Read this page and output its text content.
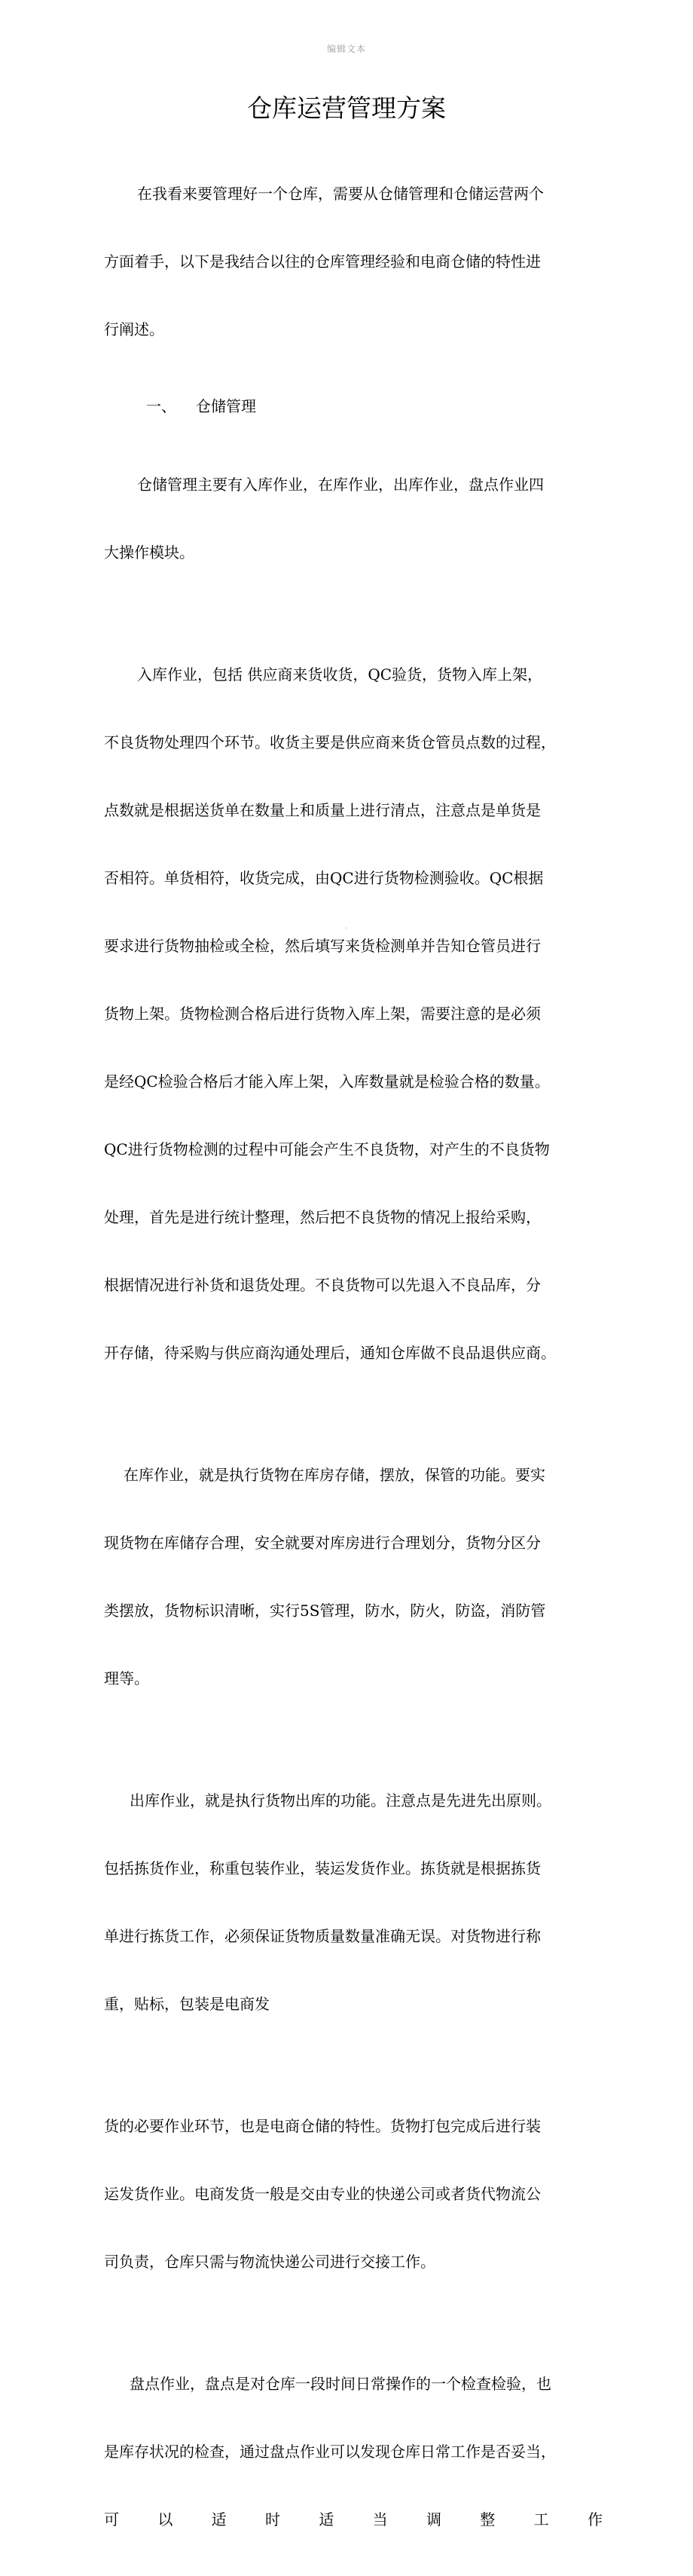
编辑文本
仓库运营管理方案

在我看来要管理好一个仓库，需要从仓储管理和仓储运营两个

方面着手，以下是我结合以往的仓库管理经验和电商仓储的特性进

行阐述。

一、 仓储管理

仓储管理主要有入库作业，在库作业，出库作业，盘点作业四

大操作模块。

入库作业，包括 供应商来货收货，QC验货，货物入库上架，

不良货物处理四个环节。收货主要是供应商来货仓管员点数的过程，

点数就是根据送货单在数量上和质量上进行清点，注意点是单货是

否相符。单货相符，收货完成，由QC进行货物检测验收。QC根据

要求进行货物抽检或全检，然后填写来货检测单并告知仓管员进行

货物上架。货物检测合格后进行货物入库上架，需要注意的是必须

是经QC检验合格后才能入库上架，入库数量就是检验合格的数量。

QC进行货物检测的过程中可能会产生不良货物，对产生的不良货物

处理，首先是进行统计整理，然后把不良货物的情况上报给采购，

根据情况进行补货和退货处理。不良货物可以先退入不良品库，分

开存储，待采购与供应商沟通处理后，通知仓库做不良品退供应商。

在库作业，就是执行货物在库房存储，摆放，保管的功能。要实

现货物在库储存合理，安全就要对库房进行合理划分，货物分区分

类摆放，货物标识清晰，实行5S管理，防水，防火，防盗，消防管

理等。

出库作业，就是执行货物出库的功能。注意点是先进先出原则。

包括拣货作业，称重包装作业，装运发货作业。拣货就是根据拣货

单进行拣货工作，必须保证货物质量数量准确无误。对货物进行称

重，贴标，包装是电商发

货的必要作业环节，也是电商仓储的特性。货物打包完成后进行装

运发货作业。电商发货一般是交由专业的快递公司或者货代物流公

司负责，仓库只需与物流快递公司进行交接工作。

盘点作业，盘点是对仓库一段时间日常操作的一个检查检验，也

是库存状况的检查，通过盘点作业可以发现仓库日常工作是否妥当，

可	以	适	时	适	当	调	整	工	作

.
